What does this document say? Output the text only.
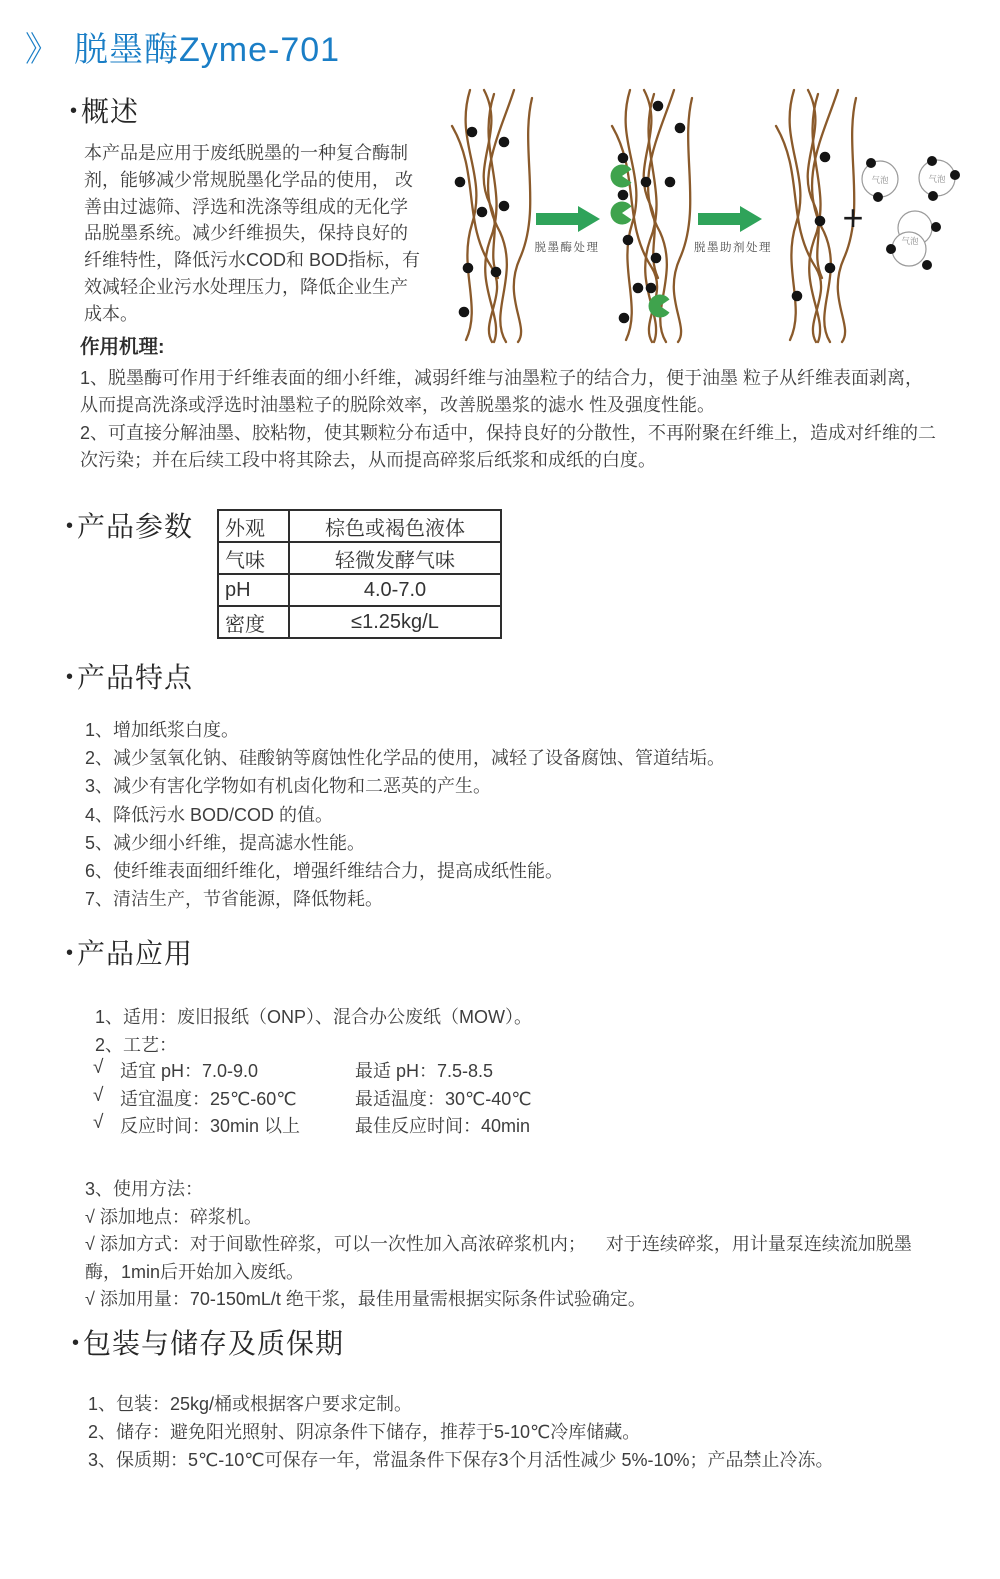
》 脱墨酶Zyme-701
• 概述

本产品是应用于废纸脱墨的一种复合酶制剂，能够减少常规脱墨化学品的使用， 改善由过滤筛、浮选和洗涤等组成的无化学品脱墨系统。减少纤维损失，保持良好的纤维特性，降低污水COD和 BOD指标，有效减轻企业污水处理压力，降低企业生产成本。

脱墨酶处理	脱墨助剂处理
+
气泡	气泡
气泡
作用机理:

1、脱墨酶可作用于纤维表面的细小纤维，减弱纤维与油墨粒子的结合力，便于油墨 粒子从纤维表面剥离，从而提高洗涤或浮选时油墨粒子的脱除效率，改善脱墨浆的滤水 性及强度性能。

2、可直接分解油墨、胶粘物，使其颗粒分布适中，保持良好的分散性，不再附聚在纤维上，造成对纤维的二次污染；并在后续工段中将其除去，从而提高碎浆后纸浆和成纸的白度。

• 产品参数 外观	棕色或褐色液体
气味	轻微发酵气味
pH	4.0-7.0
密度	≤1.25kg/L
• 产品特点

1、增加纸浆白度。

2、减少氢氧化钠、硅酸钠等腐蚀性化学品的使用，减轻了设备腐蚀、管道结垢。

3、减少有害化学物如有机卤化物和二恶英的产生。

4、降低污水 BOD/COD 的值。

5、减少细小纤维，提高滤水性能。

6、使纤维表面细纤维化，增强纤维结合力，提高成纸性能。

7、清洁生产，节省能源，降低物耗。

• 产品应用

1、适用：废旧报纸（ONP）、混合办公废纸（MOW）。

2、工艺：

√ 适宜 pH：7.0-9.0	最适 pH：7.5-8.5
√ 适宜温度：25℃-60℃	最适温度：30℃-40℃
√ 反应时间：30min 以上	最佳反应时间：40min

3、使用方法：

√ 添加地点：碎浆机。

√ 添加方式：对于间歇性碎浆，可以一次性加入高浓碎浆机内；    对于连续碎浆，用计量泵连续流加脱墨酶，1min后开始加入废纸。

√ 添加用量：70-150mL/t 绝干浆，最佳用量需根据实际条件试验确定。

• 包装与储存及质保期

1、包装：25kg/桶或根据客户要求定制。

2、储存：避免阳光照射、阴凉条件下储存，推荐于5-10℃冷库储藏。

3、保质期：5℃-10℃可保存一年，常温条件下保存3个月活性减少 5%-10%；产品禁止冷冻。
